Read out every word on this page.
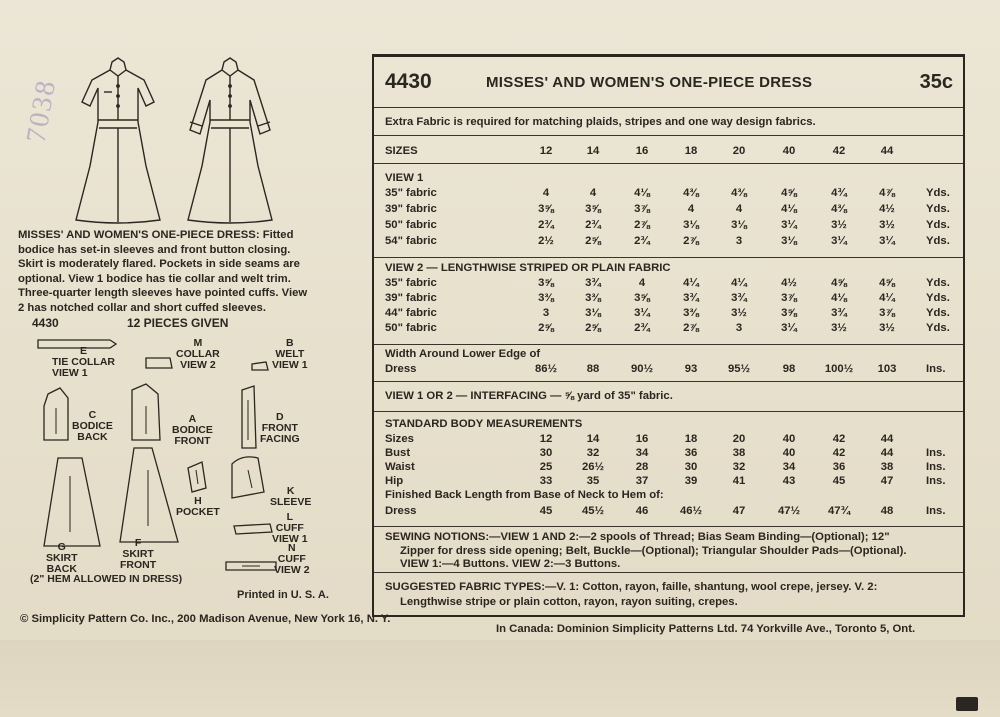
7038
MISSES' AND WOMEN'S ONE-PIECE DRESS: Fitted
bodice has set-in sleeves and front button closing.
Skirt is moderately flared. Pockets in side seams are
optional. View 1 bodice has tie collar and welt trim.
Three-quarter length sleeves have pointed cuffs. View
2 has notched collar and short cuffed sleeves.
4430	12 PIECES GIVEN
E
TIE COLLAR
VIEW 1
M
COLLAR
VIEW 2
B
WELT
VIEW 1
C
BODICE
BACK
A
BODICE
FRONT
D
FRONT
FACING
H
POCKET
K
SLEEVE
L
CUFF
VIEW 1
N
CUFF
VIEW 2
G
SKIRT
BACK
F
SKIRT
FRONT
(2" HEM ALLOWED IN DRESS)
Printed in U. S. A.
© Simplicity Pattern Co. Inc., 200 Madison Avenue, New York 16, N. Y.
In Canada: Dominion Simplicity Patterns Ltd. 74 Yorkville Ave., Toronto 5, Ont.
4430	MISSES' AND WOMEN'S ONE-PIECE DRESS	35c
Extra Fabric is required for matching plaids, stripes and one way design fabrics.
SIZES	12	14	16	18	20	40	42	44
VIEW 1
35" fabric	4	4	4⅛	4⅜	4⅜	4⅝	4¾	4⅞	Yds.
39" fabric	3⅝	3⅝	3⅞	4	4	4⅛	4⅜	4½	Yds.
50" fabric	2¾	2¾	2⅞	3⅛	3⅛	3¼	3½	3½	Yds.
54" fabric	2½	2⅝	2¾	2⅞	3	3⅛	3¼	3¼	Yds.
VIEW 2 — LENGTHWISE STRIPED OR PLAIN FABRIC
35" fabric	3⅝	3¾	4	4¼	4¼	4½	4⅝	4⅝	Yds.
39" fabric	3⅜	3⅜	3⅝	3¾	3¾	3⅞	4⅛	4¼	Yds.
44" fabric	3	3⅛	3¼	3⅜	3½	3⅝	3¾	3⅞	Yds.
50" fabric	2⅝	2⅝	2¾	2⅞	3	3¼	3½	3½	Yds.
Width Around Lower Edge of
Dress	86½	88	90½	93	95½	98	100½	103	Ins.
VIEW 1 OR 2 — INTERFACING — ⅝ yard of 35" fabric.
STANDARD BODY MEASUREMENTS
Finished Back Length from Base of Neck to Hem of:
Sizes	12	14	16	18	20	40	42	44
Bust	30	32	34	36	38	40	42	44	Ins.
Waist	25	26½	28	30	32	34	36	38	Ins.
Hip	33	35	37	39	41	43	45	47	Ins.
Dress	45	45½	46	46½	47	47½	47¾	48	Ins.
SEWING NOTIONS:—VIEW 1 AND 2:—2 spools of Thread; Bias Seam Binding—(Optional); 12"
Zipper for dress side opening; Belt, Buckle—(Optional); Triangular Shoulder Pads—(Optional).
VIEW 1:—4 Buttons. VIEW 2:—3 Buttons.
SUGGESTED FABRIC TYPES:—V. 1: Cotton, rayon, faille, shantung, wool crepe, jersey. V. 2:
Lengthwise stripe or plain cotton, rayon, rayon suiting, crepes.
